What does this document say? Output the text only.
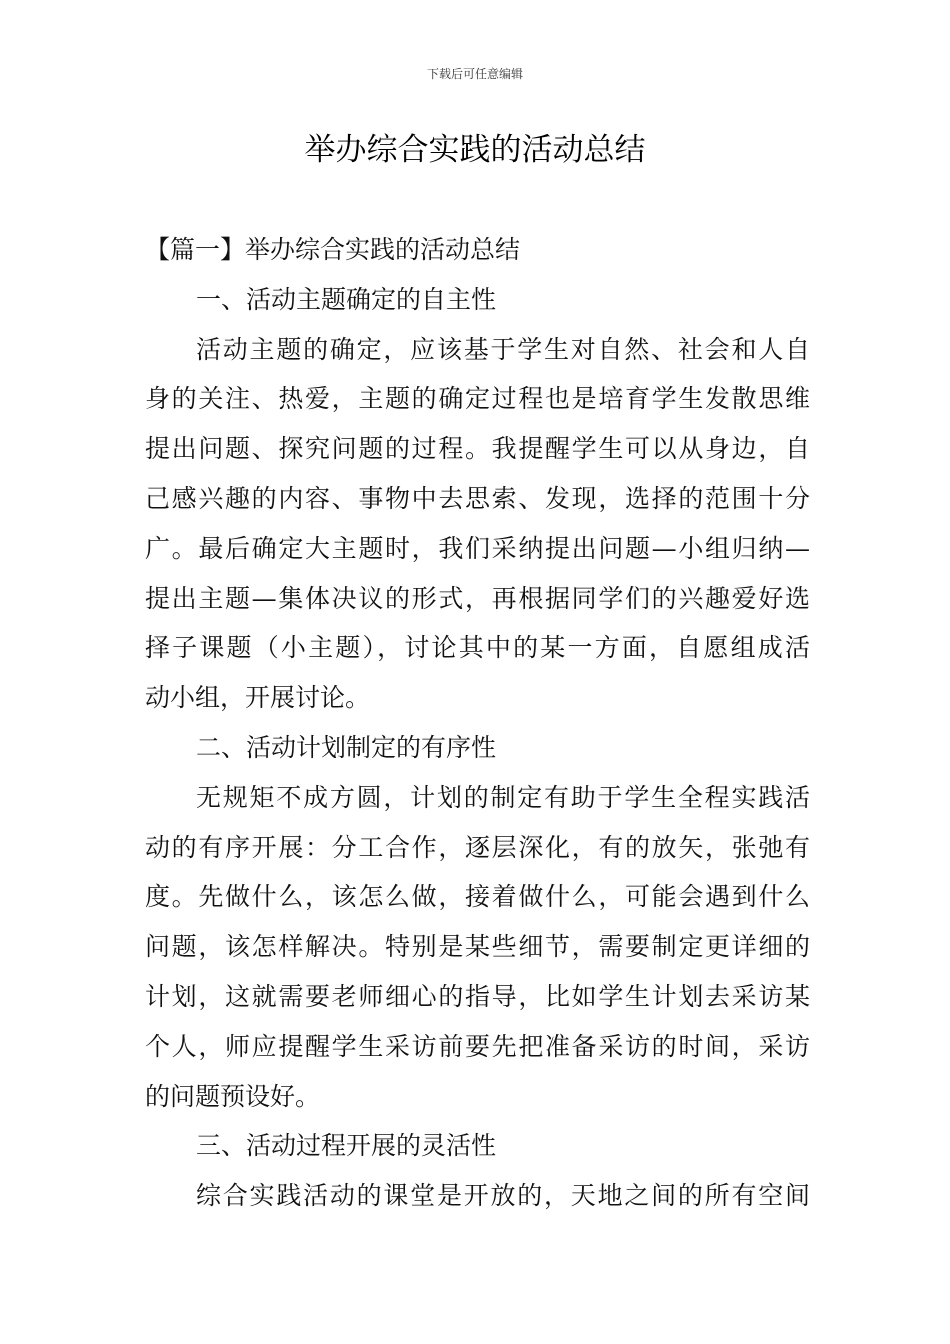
下载后可任意编辑
举办综合实践的活动总结
【篇一】举办综合实践的活动总结
一、活动主题确定的自主性
活动主题的确定，应该基于学生对自然、社会和人自
身的关注、热爱，主题的确定过程也是培育学生发散思维
提出问题、探究问题的过程。我提醒学生可以从身边，自
己感兴趣的内容、事物中去思索、发现，选择的范围十分
广。最后确定大主题时，我们采纳提出问题—小组归纳—
提出主题—集体决议的形式，再根据同学们的兴趣爱好选
择子课题（小主题），讨论其中的某一方面，自愿组成活
动小组，开展讨论。
二、活动计划制定的有序性
无规矩不成方圆，计划的制定有助于学生全程实践活
动的有序开展：分工合作，逐层深化，有的放矢，张弛有
度。先做什么，该怎么做，接着做什么，可能会遇到什么
问题，该怎样解决。特别是某些细节，需要制定更详细的
计划，这就需要老师细心的指导，比如学生计划去采访某
个人，师应提醒学生采访前要先把准备采访的时间，采访
的问题预设好。
三、活动过程开展的灵活性
综合实践活动的课堂是开放的，天地之间的所有空间
